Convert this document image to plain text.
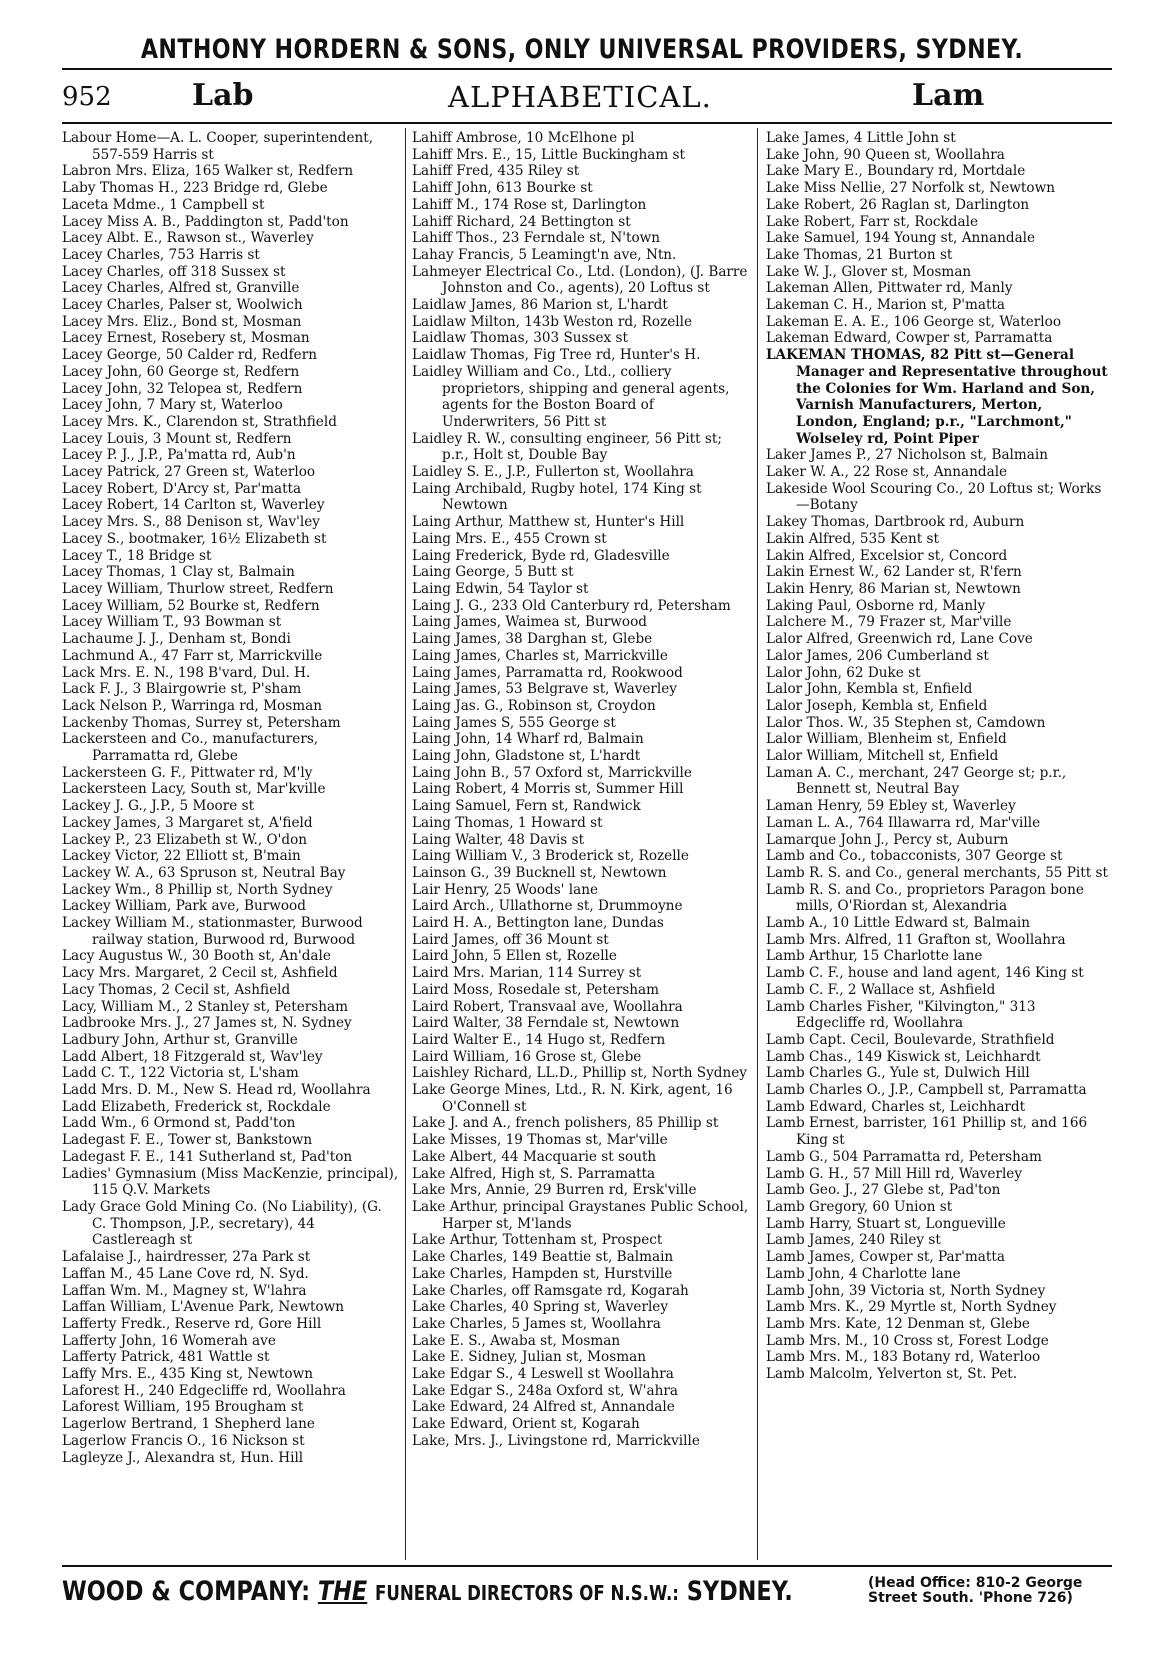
ANTHONY HORDERN & SONS, ONLY UNIVERSAL PROVIDERS, SYDNEY.
952	Lab	ALPHABETICAL.	Lam
Labour Home—A. L. Cooper, superintendent, 557-559 Harris st
Labron Mrs. Eliza, 165 Walker st, Redfern
Laby Thomas H., 223 Bridge rd, Glebe
Laceta Mdme., 1 Campbell st
Lacey Miss A. B., Paddington st, Padd'ton
Lacey Albt. E., Rawson st., Waverley
Lacey Charles, 753 Harris st
Lacey Charles, off 318 Sussex st
Lacey Charles, Alfred st, Granville
Lacey Charles, Palser st, Woolwich
Lacey Mrs. Eliz., Bond st, Mosman
Lacey Ernest, Rosebery st, Mosman
Lacey George, 50 Calder rd, Redfern
Lacey John, 60 George st, Redfern
Lacey John, 32 Telopea st, Redfern
Lacey John, 7 Mary st, Waterloo
Lacey Mrs. K., Clarendon st, Strathfield
Lacey Louis, 3 Mount st, Redfern
Lacey P. J., J.P., Pa'matta rd, Aub'n
Lacey Patrick, 27 Green st, Waterloo
Lacey Robert, D'Arcy st, Par'matta
Lacey Robert, 14 Carlton st, Waverley
Lacey Mrs. S., 88 Denison st, Wav'ley
Lacey S., bootmaker, 16½ Elizabeth st
Lacey T., 18 Bridge st
Lacey Thomas, 1 Clay st, Balmain
Lacey William, Thurlow street, Redfern
Lacey William, 52 Bourke st, Redfern
Lacey William T., 93 Bowman st
Lachaume J. J., Denham st, Bondi
Lachmund A., 47 Farr st, Marrickville
Lack Mrs. E. N., 198 B'vard, Dul. H.
Lack F. J., 3 Blairgowrie st, P'sham
Lack Nelson P., Warringa rd, Mosman
Lackenby Thomas, Surrey st, Petersham
Lackersteen and Co., manufacturers, Parramatta rd, Glebe
Lackersteen G. F., Pittwater rd, M'ly
Lackersteen Lacy, South st, Mar'kville
Lackey J. G., J.P., 5 Moore st
Lackey James, 3 Margaret st, A'field
Lackey P., 23 Elizabeth st W., O'don
Lackey Victor, 22 Elliott st, B'main
Lackey W. A., 63 Spruson st, Neutral Bay
Lackey Wm., 8 Phillip st, North Sydney
Lackey William, Park ave, Burwood
Lackey William M., stationmaster, Burwood railway station, Burwood rd, Burwood
Lacy Augustus W., 30 Booth st, An'dale
Lacy Mrs. Margaret, 2 Cecil st, Ashfield
Lacy Thomas, 2 Cecil st, Ashfield
Lacy, William M., 2 Stanley st, Petersham
Ladbrooke Mrs. J., 27 James st, N. Sydney
Ladbury John, Arthur st, Granville
Ladd Albert, 18 Fitzgerald st, Wav'ley
Ladd C. T., 122 Victoria st, L'sham
Ladd Mrs. D. M., New S. Head rd, Woollahra
Ladd Elizabeth, Frederick st, Rockdale
Ladd Wm., 6 Ormond st, Padd'ton
Ladegast F. E., Tower st, Bankstown
Ladegast F. E., 141 Sutherland st, Pad'ton
Ladies' Gymnasium (Miss MacKenzie, principal), 115 Q.V. Markets
Lady Grace Gold Mining Co. (No Liability), (G. C. Thompson, J.P., secretary), 44 Castlereagh st
Lafalaise J., hairdresser, 27a Park st
Laffan M., 45 Lane Cove rd, N. Syd.
Laffan Wm. M., Magney st, W'lahra
Laffan William, L'Avenue Park, Newtown
Lafferty Fredk., Reserve rd, Gore Hill
Lafferty John, 16 Womerah ave
Lafferty Patrick, 481 Wattle st
Laffy Mrs. E., 435 King st, Newtown
Laforest H., 240 Edgecliffe rd, Woollahra
Laforest William, 195 Brougham st
Lagerlow Bertrand, 1 Shepherd lane
Lagerlow Francis O., 16 Nickson st
Lagleyze J., Alexandra st, Hun. Hill
Lahiff Ambrose, 10 McElhone pl
Lahiff Mrs. E., 15, Little Buckingham st
Lahiff Fred, 435 Riley st
Lahiff John, 613 Bourke st
Lahiff M., 174 Rose st, Darlington
Lahiff Richard, 24 Bettington st
Lahiff Thos., 23 Ferndale st, N'town
Lahay Francis, 5 Leamingt'n ave, Ntn.
Lahmeyer Electrical Co., Ltd. (London), (J. Barre Johnston and Co., agents), 20 Loftus st
Laidlaw James, 86 Marion st, L'hardt
Laidlaw Milton, 143b Weston rd, Rozelle
Laidlaw Thomas, 303 Sussex st
Laidlaw Thomas, Fig Tree rd, Hunter's H.
Laidley William and Co., Ltd., colliery proprietors, shipping and general agents, agents for the Boston Board of Underwriters, 56 Pitt st
Laidley R. W., consulting engineer, 56 Pitt st; p.r., Holt st, Double Bay
Laidley S. E., J.P., Fullerton st, Woollahra
Laing Archibald, Rugby hotel, 174 King st Newtown
Laing Arthur, Matthew st, Hunter's Hill
Laing Mrs. E., 455 Crown st
Laing Frederick, Byde rd, Gladesville
Laing George, 5 Butt st
Laing Edwin, 54 Taylor st
Laing J. G., 233 Old Canterbury rd, Petersham
Laing James, Waimea st, Burwood
Laing James, 38 Darghan st, Glebe
Laing James, Charles st, Marrickville
Laing James, Parramatta rd, Rookwood
Laing James, 53 Belgrave st, Waverley
Laing Jas. G., Robinson st, Croydon
Laing James S, 555 George st
Laing John, 14 Wharf rd, Balmain
Laing John, Gladstone st, L'hardt
Laing John B., 57 Oxford st, Marrickville
Laing Robert, 4 Morris st, Summer Hill
Laing Samuel, Fern st, Randwick
Laing Thomas, 1 Howard st
Laing Walter, 48 Davis st
Laing William V., 3 Broderick st, Rozelle
Lainson G., 39 Bucknell st, Newtown
Lair Henry, 25 Woods' lane
Laird Arch., Ullathorne st, Drummoyne
Laird H. A., Bettington lane, Dundas
Laird James, off 36 Mount st
Laird John, 5 Ellen st, Rozelle
Laird Mrs. Marian, 114 Surrey st
Laird Moss, Rosedale st, Petersham
Laird Robert, Transvaal ave, Woollahra
Laird Walter, 38 Ferndale st, Newtown
Laird Walter E., 14 Hugo st, Redfern
Laird William, 16 Grose st, Glebe
Laishley Richard, LL.D., Phillip st, North Sydney
Lake George Mines, Ltd., R. N. Kirk, agent, 16 O'Connell st
Lake J. and A., french polishers, 85 Phillip st
Lake Misses, 19 Thomas st, Mar'ville
Lake Albert, 44 Macquarie st south
Lake Alfred, High st, S. Parramatta
Lake Mrs, Annie, 29 Burren rd, Ersk'ville
Lake Arthur, principal Graystanes Public School, Harper st, M'lands
Lake Arthur, Tottenham st, Prospect
Lake Charles, 149 Beattie st, Balmain
Lake Charles, Hampden st, Hurstville
Lake Charles, off Ramsgate rd, Kogarah
Lake Charles, 40 Spring st, Waverley
Lake Charles, 5 James st, Woollahra
Lake E. S., Awaba st, Mosman
Lake E. Sidney, Julian st, Mosman
Lake Edgar S., 4 Leswell st Woollahra
Lake Edgar S., 248a Oxford st, W'ahra
Lake Edward, 24 Alfred st, Annandale
Lake Edward, Orient st, Kogarah
Lake, Mrs. J., Livingstone rd, Marrickville
Lake James, 4 Little John st
Lake John, 90 Queen st, Woollahra
Lake Mary E., Boundary rd, Mortdale
Lake Miss Nellie, 27 Norfolk st, Newtown
Lake Robert, 26 Raglan st, Darlington
Lake Robert, Farr st, Rockdale
Lake Samuel, 194 Young st, Annandale
Lake Thomas, 21 Burton st
Lake W. J., Glover st, Mosman
Lakeman Allen, Pittwater rd, Manly
Lakeman C. H., Marion st, P'matta
Lakeman E. A. E., 106 George st, Waterloo
Lakeman Edward, Cowper st, Parramatta
LAKEMAN THOMAS, 82 Pitt st—General Manager and Representative throughout the Colonies for Wm. Harland and Son, Varnish Manufacturers, Merton, London, England; p.r., "Larchmont," Wolseley rd, Point Piper
Laker James P., 27 Nicholson st, Balmain
Laker W. A., 22 Rose st, Annandale
Lakeside Wool Scouring Co., 20 Loftus st; Works—Botany
Lakey Thomas, Dartbrook rd, Auburn
Lakin Alfred, 535 Kent st
Lakin Alfred, Excelsior st, Concord
Lakin Ernest W., 62 Lander st, R'fern
Lakin Henry, 86 Marian st, Newtown
Laking Paul, Osborne rd, Manly
Lalchere M., 79 Frazer st, Mar'ville
Lalor Alfred, Greenwich rd, Lane Cove
Lalor James, 206 Cumberland st
Lalor John, 62 Duke st
Lalor John, Kembla st, Enfield
Lalor Joseph, Kembla st, Enfield
Lalor Thos. W., 35 Stephen st, Camdown
Lalor William, Blenheim st, Enfield
Lalor William, Mitchell st, Enfield
Laman A. C., merchant, 247 George st; p.r., Bennett st, Neutral Bay
Laman Henry, 59 Ebley st, Waverley
Laman L. A., 764 Illawarra rd, Mar'ville
Lamarque John J., Percy st, Auburn
Lamb and Co., tobacconists, 307 George st
Lamb R. S. and Co., general merchants, 55 Pitt st
Lamb R. S. and Co., proprietors Paragon bone mills, O'Riordan st, Alexandria
Lamb A., 10 Little Edward st, Balmain
Lamb Mrs. Alfred, 11 Grafton st, Woollahra
Lamb Arthur, 15 Charlotte lane
Lamb C. F., house and land agent, 146 King st
Lamb C. F., 2 Wallace st, Ashfield
Lamb Charles Fisher, "Kilvington," 313 Edgecliffe rd, Woollahra
Lamb Capt. Cecil, Boulevarde, Strathfield
Lamb Chas., 149 Kiswick st, Leichhardt
Lamb Charles G., Yule st, Dulwich Hill
Lamb Charles O., J.P., Campbell st, Parramatta
Lamb Edward, Charles st, Leichhardt
Lamb Ernest, barrister, 161 Phillip st, and 166 King st
Lamb G., 504 Parramatta rd, Petersham
Lamb G. H., 57 Mill Hill rd, Waverley
Lamb Geo. J., 27 Glebe st, Pad'ton
Lamb Gregory, 60 Union st
Lamb Harry, Stuart st, Longueville
Lamb James, 240 Riley st
Lamb James, Cowper st, Par'matta
Lamb John, 4 Charlotte lane
Lamb John, 39 Victoria st, North Sydney
Lamb Mrs. K., 29 Myrtle st, North Sydney
Lamb Mrs. Kate, 12 Denman st, Glebe
Lamb Mrs. M., 10 Cross st, Forest Lodge
Lamb Mrs. M., 183 Botany rd, Waterloo
Lamb Malcolm, Yelverton st, St. Pet.
WOOD & COMPANY: THE FUNERAL DIRECTORS OF N.S.W.: SYDNEY.	(Head Office: 810-2 George
Street South. 'Phone 726)
